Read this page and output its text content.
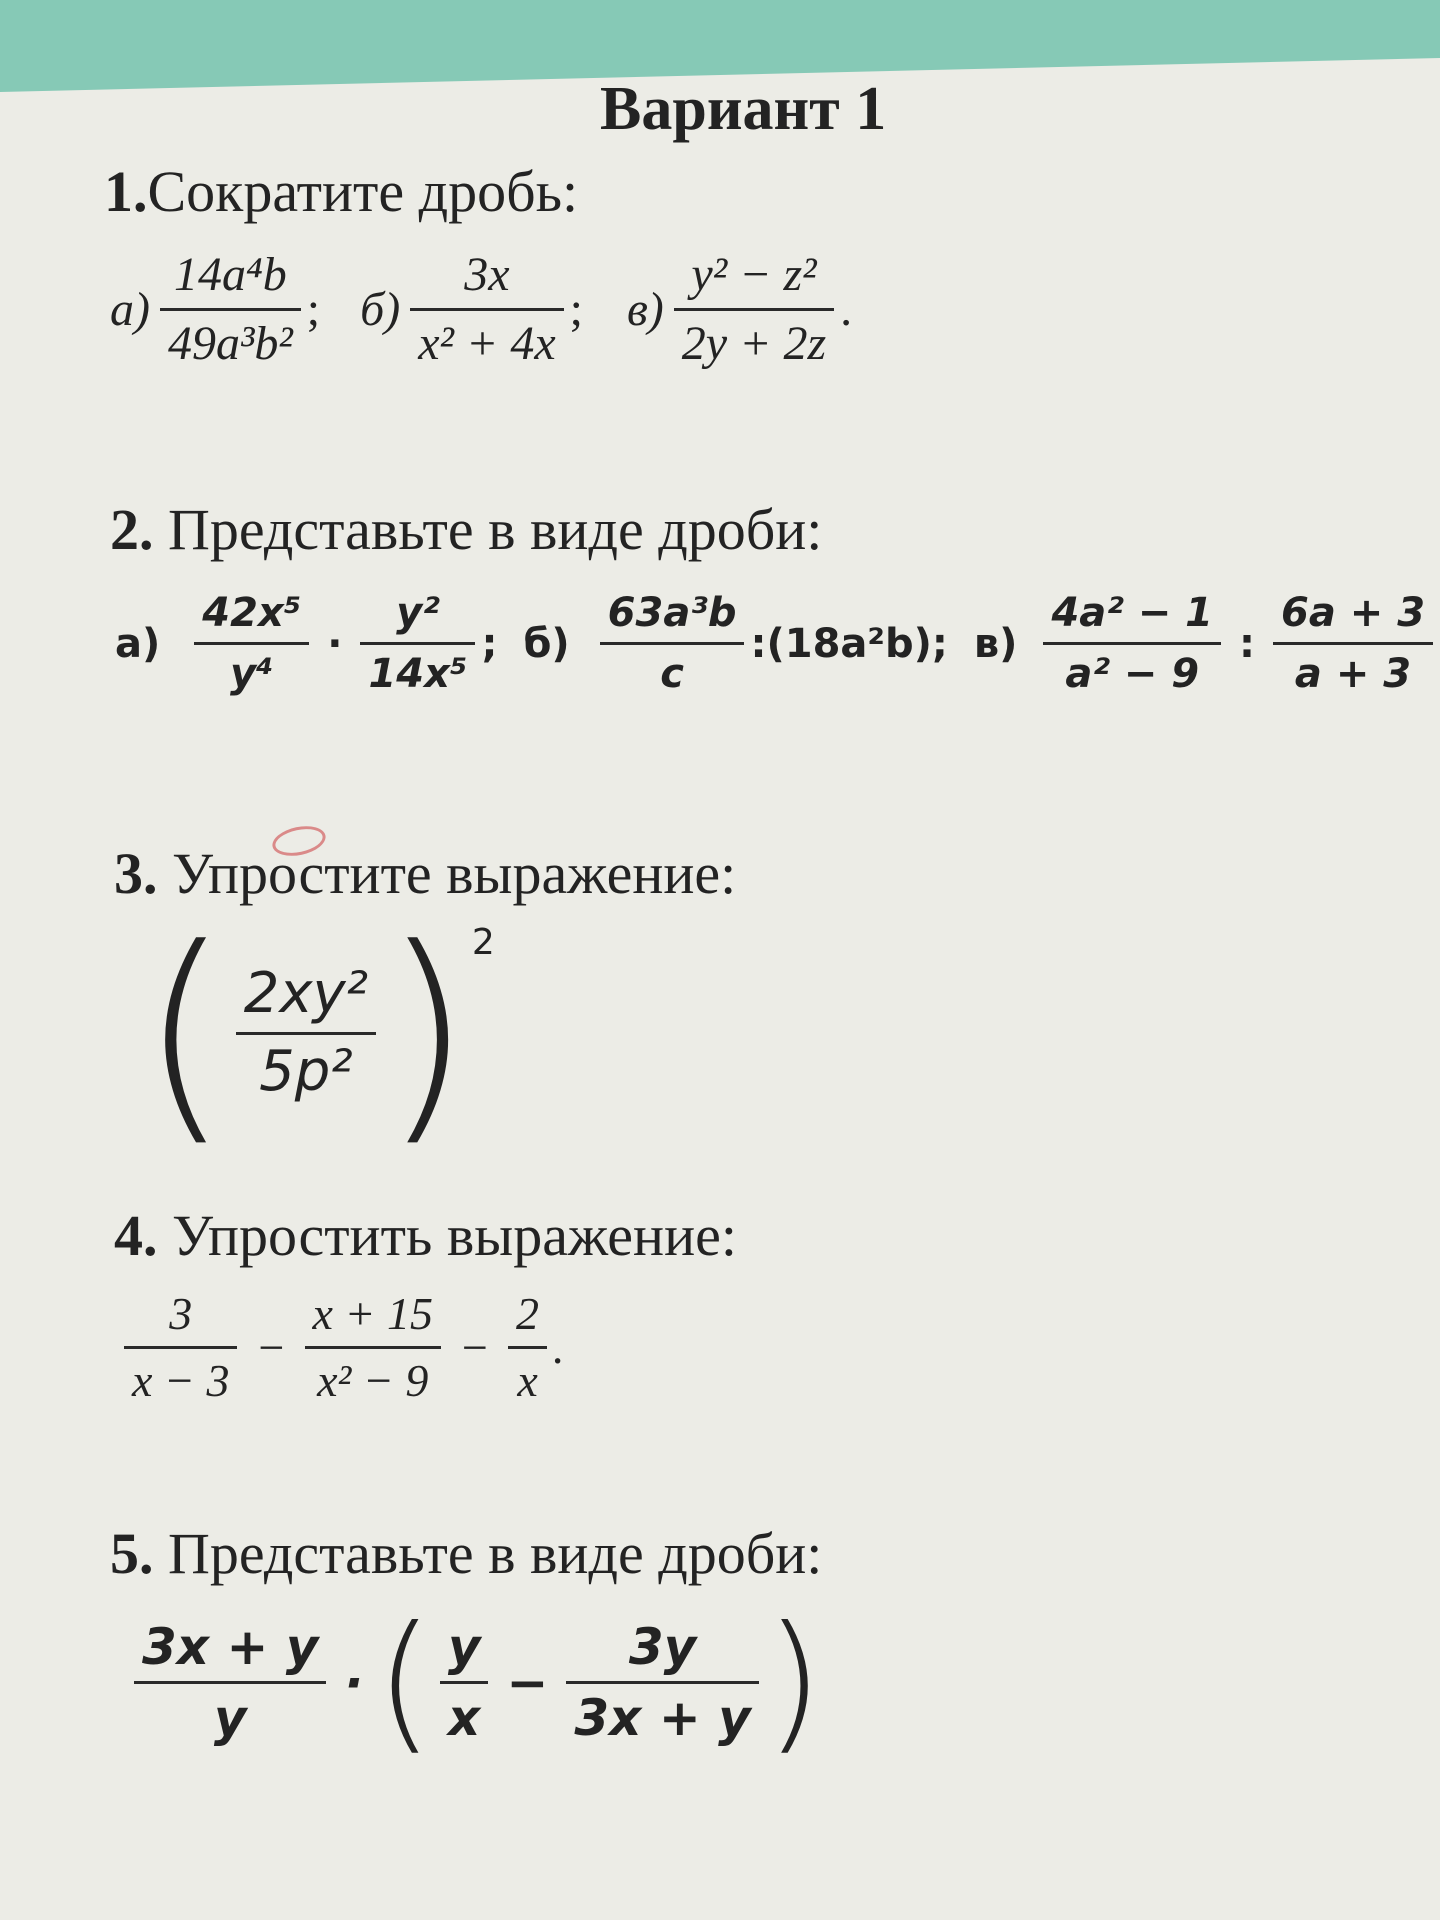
Вариант 1
1.Сократите дробь:
$а) \frac{\text{14a⁴b}}{\text{49a³b²}}$ ; $б) \frac{3x}{\text{x² + 4x}}$ ; $в) \frac{\text{y² − z²}}{2y + 2z}$ .
2. Представьте в виде дроби:
$а) \frac{\text{42x⁵}}{\text{y⁴}} \cdot \frac{\text{y²}}{\text{14x⁵}}$ ; $б) \frac{\text{63a³b}}{c}$ :(18a²b); $в) \frac{\text{4a² − 1}}{\text{a² − 9}}$ : $\frac{6a + 3}{a + 3}$
3. Упростите выражение:
( $\frac{\text{2xy²}}{\text{5p²}}$ ) 2
4. Упростить выражение:
$\frac{3}{x - 3} - \frac{x + 15}{\text{x² − 9}} - \frac{2}{x}$ .
5. Представьте в виде дроби:
$\frac{3x + y}{y}$ · ( $\frac{y}{x} - \frac{3y}{3x + y}$ )
